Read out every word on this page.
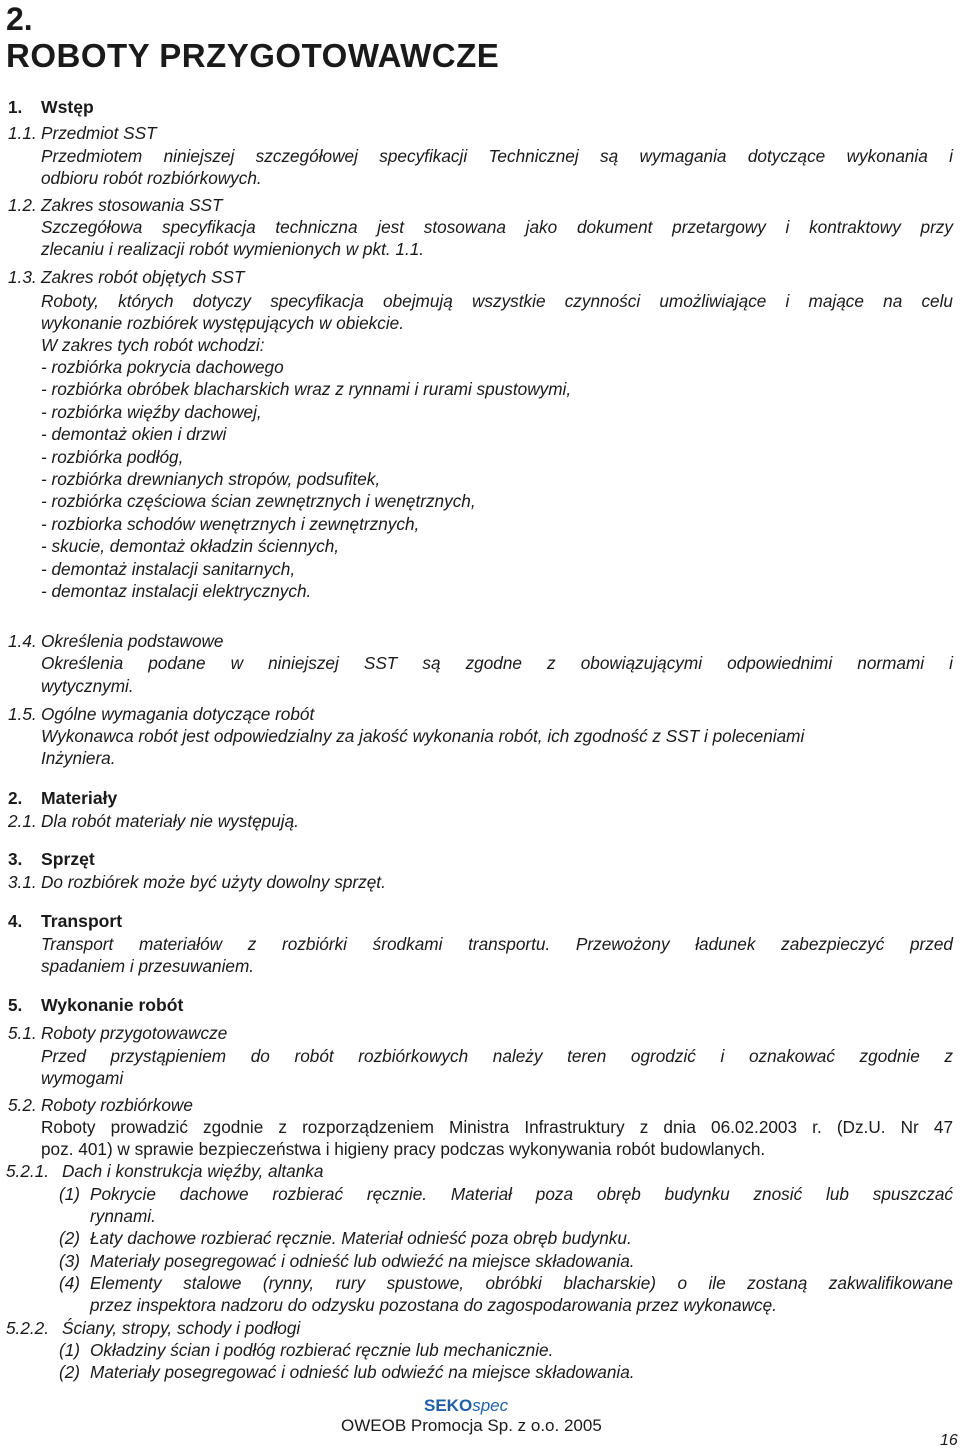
2.
ROBOTY PRZYGOTOWAWCZE
1. Wstęp
1.1. Przedmiot SST
Przedmiotem niniejszej szczegółowej specyfikacji Technicznej są wymagania dotyczące wykonania i
odbioru robót rozbiórkowych.
1.2. Zakres stosowania SST
Szczegółowa specyfikacja techniczna jest stosowana jako dokument przetargowy i kontraktowy przy
zlecaniu i realizacji robót wymienionych w pkt. 1.1.
1.3. Zakres robót objętych SST
Roboty, których dotyczy specyfikacja obejmują wszystkie czynności umożliwiające i mające na celu
wykonanie rozbiórek występujących w obiekcie.
W zakres tych robót wchodzi:
- rozbiórka pokrycia dachowego
- rozbiórka obróbek blacharskich wraz z rynnami i rurami spustowymi,
- rozbiórka więźby dachowej,
- demontaż okien i drzwi
- rozbiórka podłóg,
- rozbiórka drewnianych stropów, podsufitek,
- rozbiórka częściowa ścian zewnętrznych i wenętrznych,
- rozbiorka schodów wenętrznych i zewnętrznych,
- skucie, demontaż okładzin ściennych,
- demontaż instalacji sanitarnych,
- demontaz instalacji elektrycznych.
1.4. Określenia podstawowe
Określenia podane w niniejszej SST są zgodne z obowiązującymi odpowiednimi normami i
wytycznymi.
1.5. Ogólne wymagania dotyczące robót
Wykonawca robót jest odpowiedzialny za jakość wykonania robót, ich zgodność z SST i poleceniami
Inżyniera.
2. Materiały
2.1. Dla robót materiały nie występują.
3. Sprzęt
3.1. Do rozbiórek może być użyty dowolny sprzęt.
4. Transport
Transport materiałów z rozbiórki środkami transportu. Przewożony ładunek zabezpieczyć przed
spadaniem i przesuwaniem.
5. Wykonanie robót
5.1. Roboty przygotowawcze
Przed przystąpieniem do robót rozbiórkowych należy teren ogrodzić i oznakować zgodnie z
wymogami
5.2. Roboty rozbiórkowe
Roboty prowadzić zgodnie z rozporządzeniem Ministra Infrastruktury z dnia 06.02.2003 r. (Dz.U. Nr 47
poz. 401) w sprawie bezpieczeństwa i higieny pracy podczas wykonywania robót budowlanych.
5.2.1. Dach i konstrukcja więźby, altanka
(1) Pokrycie dachowe rozbierać ręcznie. Materiał poza obręb budynku znosić lub spuszczać
rynnami.
(2) Łaty dachowe rozbierać ręcznie. Materiał odnieść poza obręb budynku.
(3) Materiały posegregować i odnieść lub odwieźć na miejsce składowania.
(4) Elementy stalowe (rynny, rury spustowe, obróbki blacharskie) o ile zostaną zakwalifikowane
przez inspektora nadzoru do odzysku pozostana do zagospodarowania przez wykonawcę.
5.2.2. Ściany, stropy, schody i podłogi
(1) Okładziny ścian i podłóg rozbierać ręcznie lub mechanicznie.
(2) Materiały posegregować i odnieść lub odwieźć na miejsce składowania.
SEKOspec
OWEOB Promocja Sp. z o.o. 2005
16
